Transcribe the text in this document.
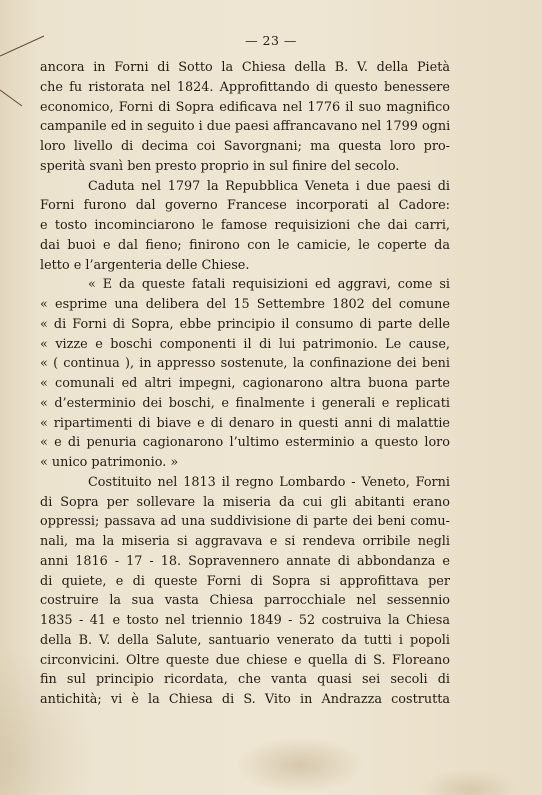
— 23 —
ancora in Forni di Sotto la Chiesa della B. V. della Pietà
che fu ristorata nel 1824. Approfittando di questo benessere
economico, Forni di Sopra edificava nel 1776 il suo magnifico
campanile ed in seguito i due paesi affrancavano nel 1799 ogni
loro livello di decima coi Savorgnani; ma questa loro pro-
sperità svanì ben presto proprio in sul finire del secolo.
Caduta nel 1797 la Repubblica Veneta i due paesi di
Forni furono dal governo Francese incorporati al Cadore:
e tosto incominciarono le famose requisizioni che dai carri,
dai buoi e dal fieno; finirono con le camicie, le coperte da
letto e l’argenteria delle Chiese.
« E da queste fatali requisizioni ed aggravi, come si
« esprime una delibera del 15 Settembre 1802 del comune
« di Forni di Sopra, ebbe principio il consumo di parte delle
« vizze e boschi componenti il di lui patrimonio. Le cause,
« ( continua ), in appresso sostenute, la confinazione dei beni
« comunali ed altri impegni, cagionarono altra buona parte
« d’esterminio dei boschi, e finalmente i generali e replicati
« ripartimenti di biave e di denaro in questi anni di malattie
« e di penuria cagionarono l’ultimo esterminio a questo loro
« unico patrimonio. »
Costituito nel 1813 il regno Lombardo - Veneto, Forni
di Sopra per sollevare la miseria da cui gli abitanti erano
oppressi; passava ad una suddivisione di parte dei beni comu-
nali, ma la miseria si aggravava e si rendeva orribile negli
anni 1816 - 17 - 18. Sopravennero annate di abbondanza e
di quiete, e di queste Forni di Sopra si approfittava per
costruire la sua vasta Chiesa parrocchiale nel sessennio
1835 - 41 e tosto nel triennio 1849 - 52 costruiva la Chiesa
della B. V. della Salute, santuario venerato da tutti i popoli
circonvicini. Oltre queste due chiese e quella di S. Floreano
fin sul principio ricordata, che vanta quasi sei secoli di
antichità; vi è la Chiesa di S. Vito in Andrazza costrutta
